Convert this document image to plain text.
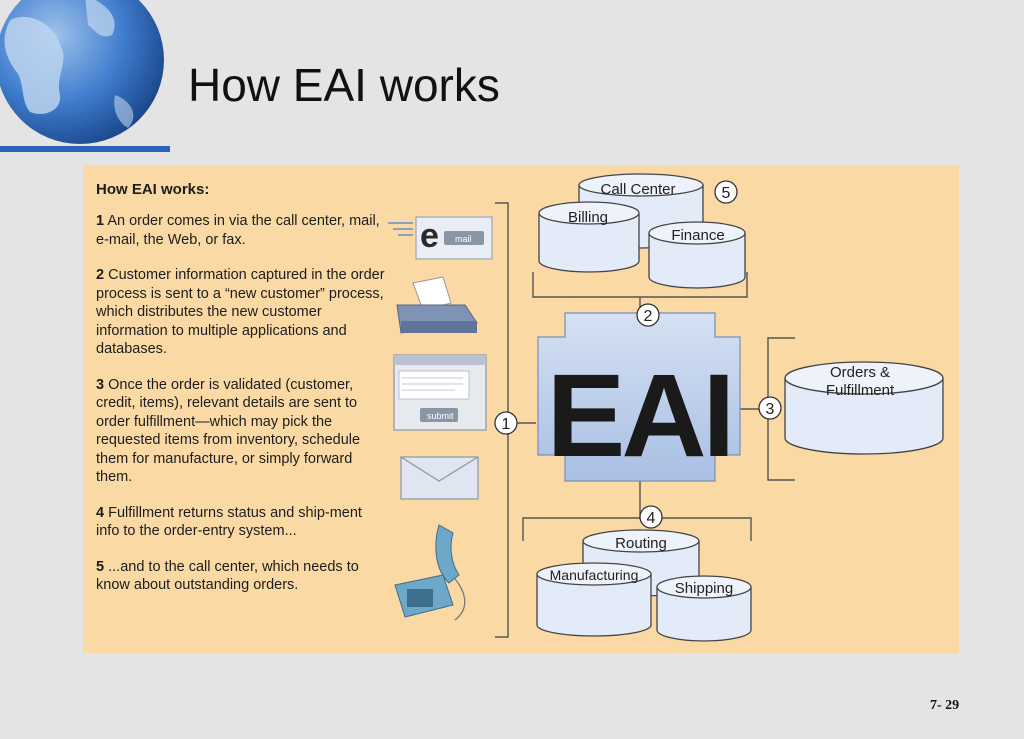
How EAI works
How EAI works:
1 An order comes in via the call center, mail, e-mail, the Web, or fax.
2 Customer information captured in the order process is sent to a “new customer” process, which distributes the new customer information to multiple applications and databases.
3 Once the order is validated (customer, credit, items), relevant details are sent to order fulfillment—which may pick the requested items from inventory, schedule them for manufacture, or simply forward them.
4 Fulfillment returns status and ship-ment info to the order-entry system...
5 ...and to the call center, which needs to know about outstanding orders.
EAI
Call Center
Billing
Finance
Orders &
Fulfillment
Routing
Manufacturing
Shipping
1
2
3
4
5
e mail
submit
7- 29
